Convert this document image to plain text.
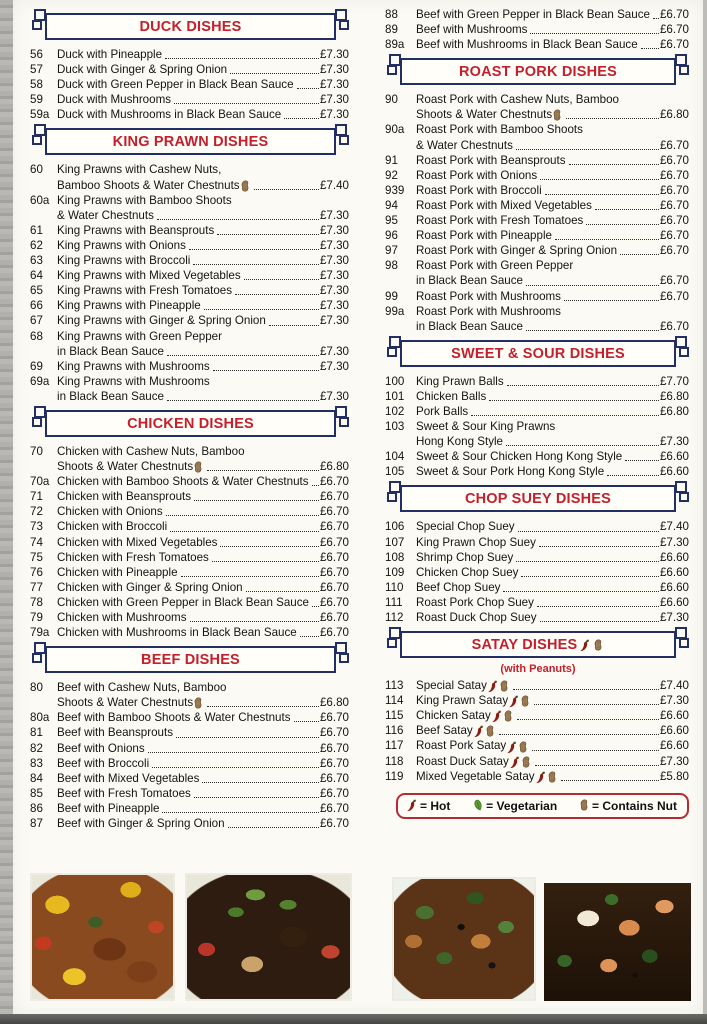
DUCK DISHES
56	Duck with Pineapple	£7.30
57	Duck with Ginger & Spring Onion	£7.30
58	Duck with Green Pepper in Black Bean Sauce £7.30
59	Duck with Mushrooms	£7.30
59a Duck with Mushrooms in Black Bean Sauce	£7.30
KING PRAWN DISHES
60	King Prawns with Cashew Nuts,
Bamboo Shoots & Water Chestnuts	£7.40
60a King Prawns with Bamboo Shoots
& Water Chestnuts	£7.30
61	King Prawns with Beansprouts	£7.30
62	King Prawns with Onions	£7.30
63	King Prawns with Broccoli	£7.30
64	King Prawns with Mixed Vegetables	£7.30
65	King Prawns with Fresh Tomatoes	£7.30
66	King Prawns with Pineapple	£7.30
67	King Prawns with Ginger & Spring Onion	£7.30
68	King Prawns with Green Pepper
in Black Bean Sauce	£7.30
69	King Prawns with Mushrooms	£7.30
69a King Prawns with Mushrooms
in Black Bean Sauce	£7.30
CHICKEN DISHES
70	Chicken with Cashew Nuts, Bamboo
Shoots & Water Chestnuts	£6.80
70a Chicken with Bamboo Shoots & Water Chestnuts £6.70
71	Chicken with Beansprouts	£6.70
72	Chicken with Onions	£6.70
73	Chicken with Broccoli	£6.70
74	Chicken with Mixed Vegetables	£6.70
75	Chicken with Fresh Tomatoes	£6.70
76	Chicken with Pineapple	£6.70
77	Chicken with Ginger & Spring Onion	£6.70
78	Chicken with Green Pepper in Black Bean Sauce £6.70
79	Chicken with Mushrooms	£6.70
79a Chicken with Mushrooms in Black Bean Sauce £6.70
BEEF DISHES
80	Beef with Cashew Nuts, Bamboo
Shoots & Water Chestnuts	£6.80
80a Beef with Bamboo Shoots & Water Chestnuts	£6.70
81	Beef with Beansprouts	£6.70
82	Beef with Onions	£6.70
83	Beef with Broccoli	£6.70
84	Beef with Mixed Vegetables	£6.70
85	Beef with Fresh Tomatoes	£6.70
86	Beef with Pineapple	£6.70
87	Beef with Ginger & Spring Onion	£6.70
88	Beef with Green Pepper in Black Bean Sauce £6.70
89	Beef with Mushrooms	£6.70
89a	Beef with Mushrooms in Black Bean Sauce £6.70
ROAST PORK DISHES
90	Roast Pork with Cashew Nuts, Bamboo
Shoots & Water Chestnuts	£6.80
90a	Roast Pork with Bamboo Shoots
& Water Chestnuts	£6.70
91	Roast Pork with Beansprouts	£6.70
92	Roast Pork with Onions	£6.70
939	Roast Pork with Broccoli	£6.70
94	Roast Pork with Mixed Vegetables	£6.70
95	Roast Pork with Fresh Tomatoes	£6.70
96	Roast Pork with Pineapple	£6.70
97	Roast Pork with Ginger & Spring Onion	£6.70
98	Roast Pork with Green Pepper
in Black Bean Sauce	£6.70
99	Roast Pork with Mushrooms	£6.70
99a	Roast Pork with Mushrooms
in Black Bean Sauce	£6.70
SWEET & SOUR DISHES
100	King Prawn Balls	£7.70
101	Chicken Balls	£6.80
102	Pork Balls	£6.80
103	Sweet & Sour King Prawns
Hong Kong Style	£7.30
104	Sweet & Sour Chicken Hong Kong Style	£6.60
105	Sweet & Sour Pork Hong Kong Style	£6.60
CHOP SUEY DISHES
106	Special Chop Suey	£7.40
107	King Prawn Chop Suey	£7.30
108	Shrimp Chop Suey	£6.60
109	Chicken Chop Suey	£6.60
110	Beef Chop Suey	£6.60
111	Roast Pork Chop Suey	£6.60
112	Roast Duck Chop Suey	£7.30
SATAY DISHES
(with Peanuts)
113	Special Satay	£7.40
114	King Prawn Satay	£7.30
115	Chicken Satay	£6.60
116	Beef Satay	£6.60
117	Roast Pork Satay	£6.60
118	Roast Duck Satay	£7.30
119	Mixed Vegetable Satay	£5.80
= Hot	= Vegetarian	= Contains Nut
